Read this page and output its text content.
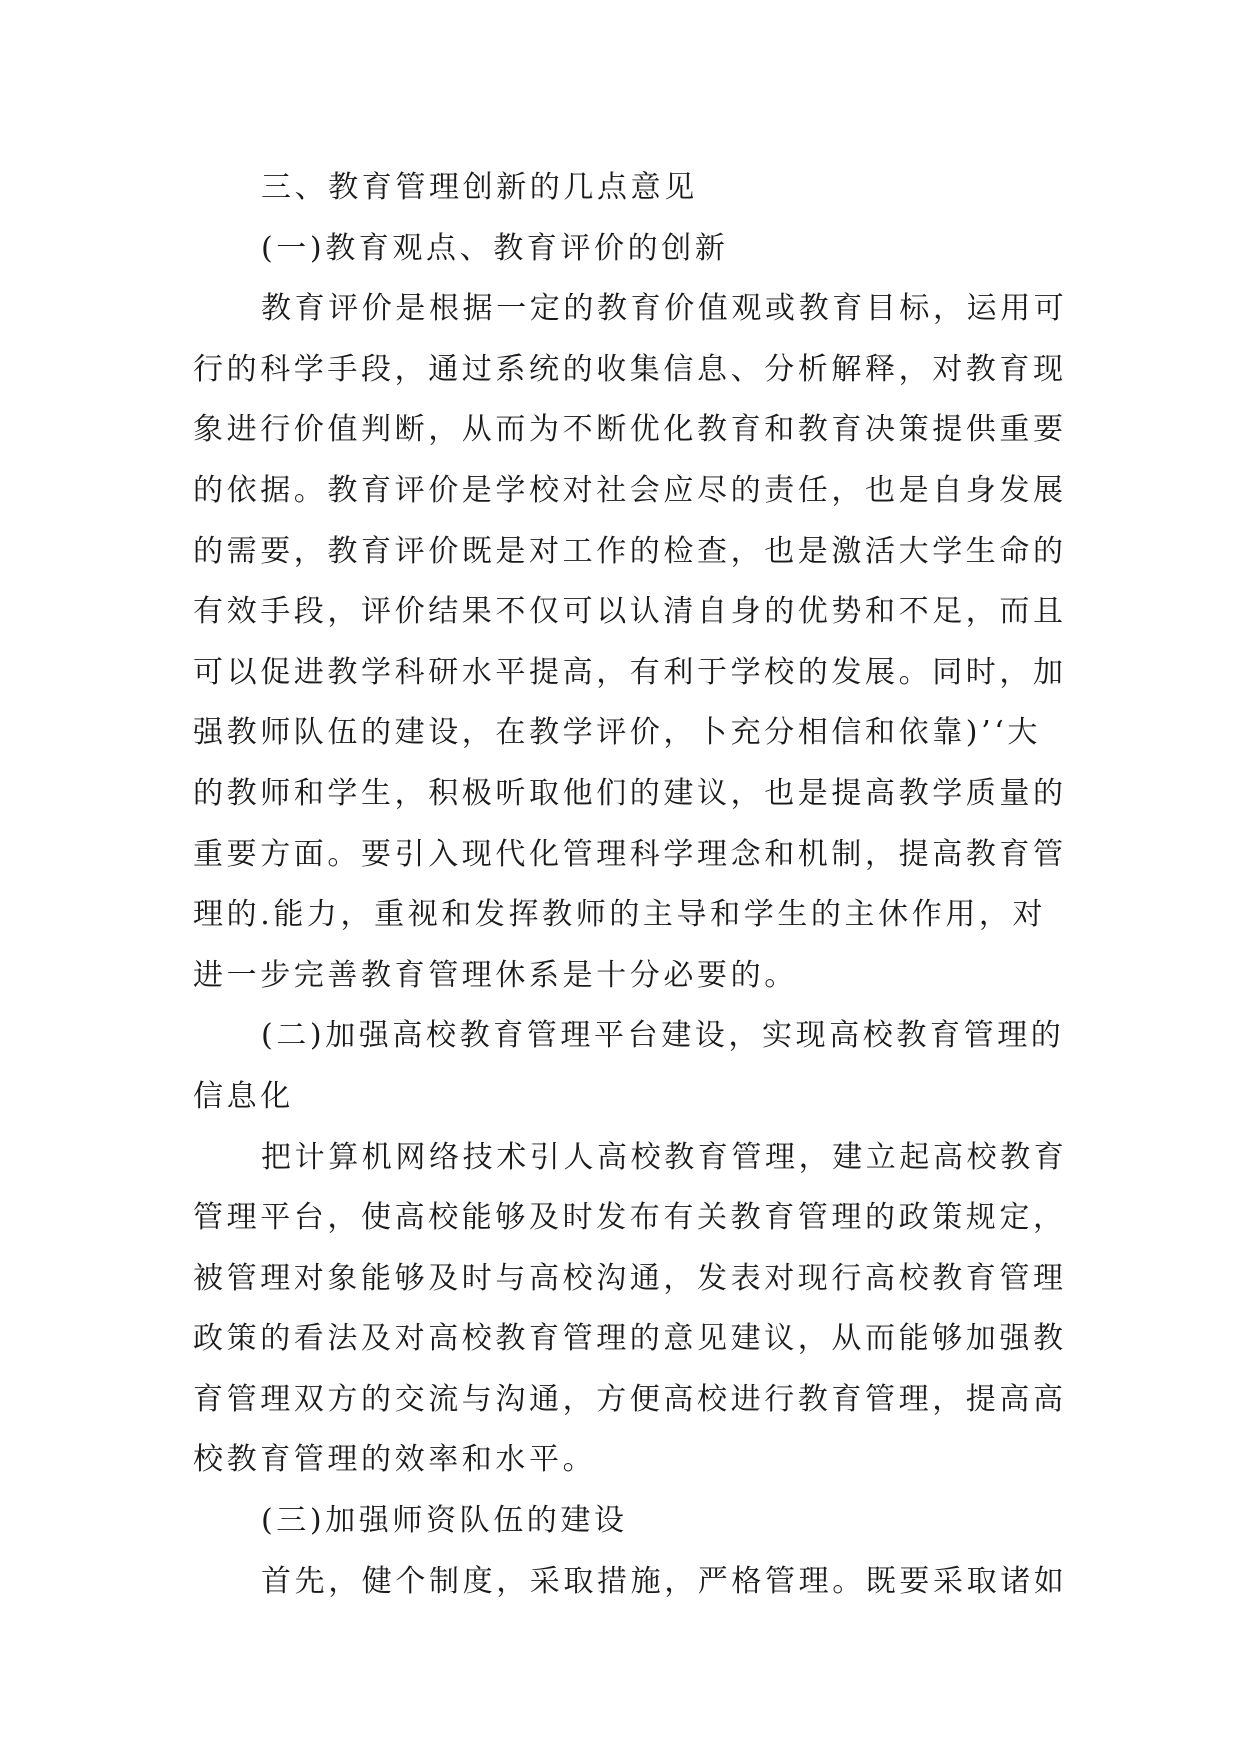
三、教育管理创新的几点意见
(一)教育观点、教育评价的创新
教育评价是根据一定的教育价值观或教育目标，运用可
行的科学手段，通过系统的收集信息、分析解释，对教育现
象进行价值判断，从而为不断优化教育和教育决策提供重要
的依据。教育评价是学校对社会应尽的责任，也是自身发展
的需要，教育评价既是对工作的检查，也是激活大学生命的
有效手段，评价结果不仅可以认清自身的优势和不足，而且
可以促进教学科研水平提高，有利于学校的发展。同时，加
强教师队伍的建设，在教学评价，卜充分相信和依靠)’‘大
的教师和学生，积极听取他们的建议，也是提高教学质量的
重要方面。要引入现代化管理科学理念和机制，提高教育管
理的.能力，重视和发挥教师的主导和学生的主休作用，对
进一步完善教育管理休系是十分必要的。
(二)加强高校教育管理平台建设，实现高校教育管理的
信息化
把计算机网络技术引人高校教育管理，建立起高校教育
管理平台，使高校能够及时发布有关教育管理的政策规定，
被管理对象能够及时与高校沟通，发表对现行高校教育管理
政策的看法及对高校教育管理的意见建议，从而能够加强教
育管理双方的交流与沟通，方便高校进行教育管理，提高高
校教育管理的效率和水平。
(三)加强师资队伍的建设
首先，健个制度，采取措施，严格管理。既要采取诸如
